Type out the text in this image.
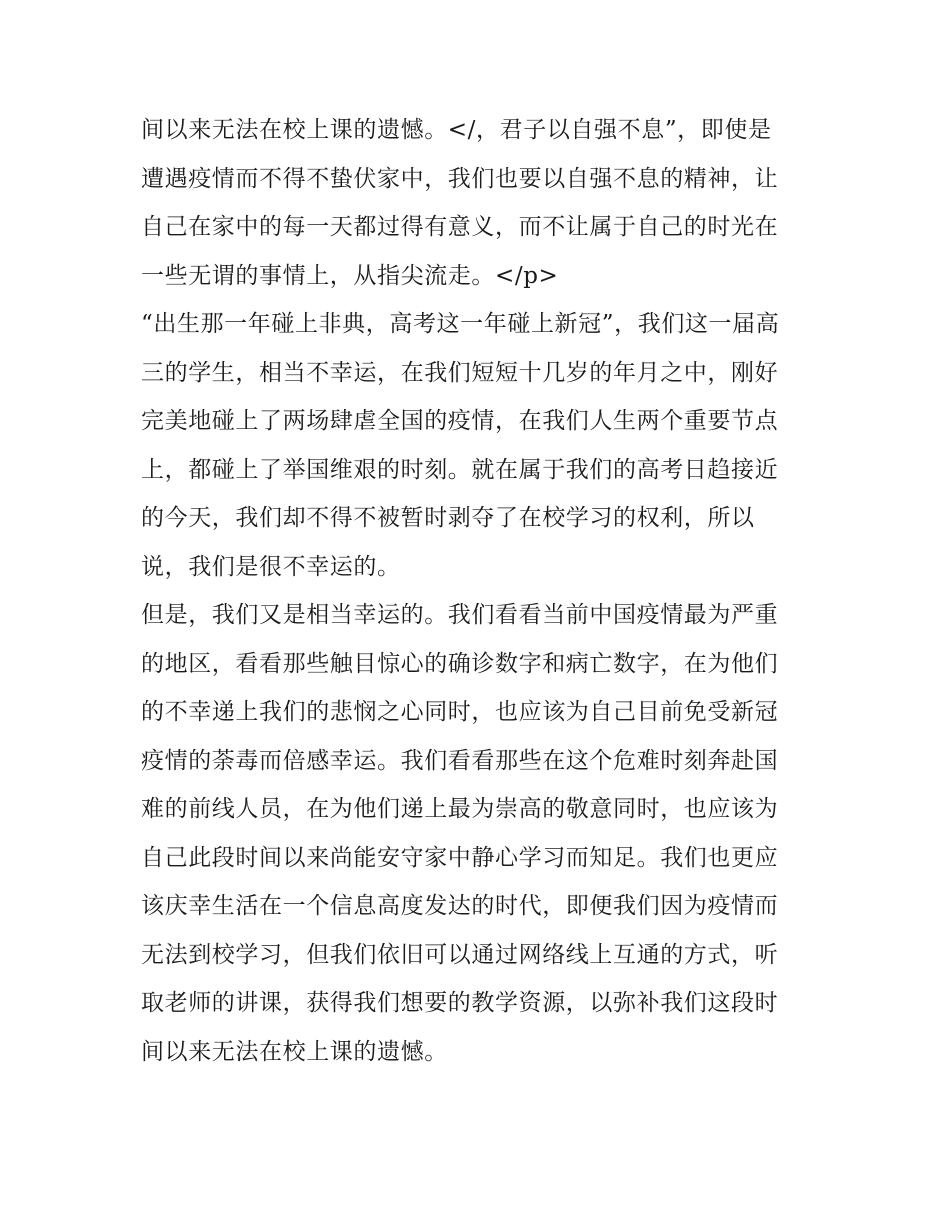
间以来无法在校上课的遗憾。</，君子以自强不息”，即使是
遭遇疫情而不得不蛰伏家中，我们也要以自强不息的精神，让
自己在家中的每一天都过得有意义，而不让属于自己的时光在
一些无谓的事情上，从指尖流走。</p>
“出生那一年碰上非典，高考这一年碰上新冠”，我们这一届高
三的学生，相当不幸运，在我们短短十几岁的年月之中，刚好
完美地碰上了两场肆虐全国的疫情，在我们人生两个重要节点
上，都碰上了举国维艰的时刻。就在属于我们的高考日趋接近
的今天，我们却不得不被暂时剥夺了在校学习的权利，所以
说，我们是很不幸运的。
但是，我们又是相当幸运的。我们看看当前中国疫情最为严重
的地区，看看那些触目惊心的确诊数字和病亡数字，在为他们
的不幸递上我们的悲悯之心同时，也应该为自己目前免受新冠
疫情的荼毒而倍感幸运。我们看看那些在这个危难时刻奔赴国
难的前线人员，在为他们递上最为崇高的敬意同时，也应该为
自己此段时间以来尚能安守家中静心学习而知足。我们也更应
该庆幸生活在一个信息高度发达的时代，即便我们因为疫情而
无法到校学习，但我们依旧可以通过网络线上互通的方式，听
取老师的讲课，获得我们想要的教学资源，以弥补我们这段时
间以来无法在校上课的遗憾。
